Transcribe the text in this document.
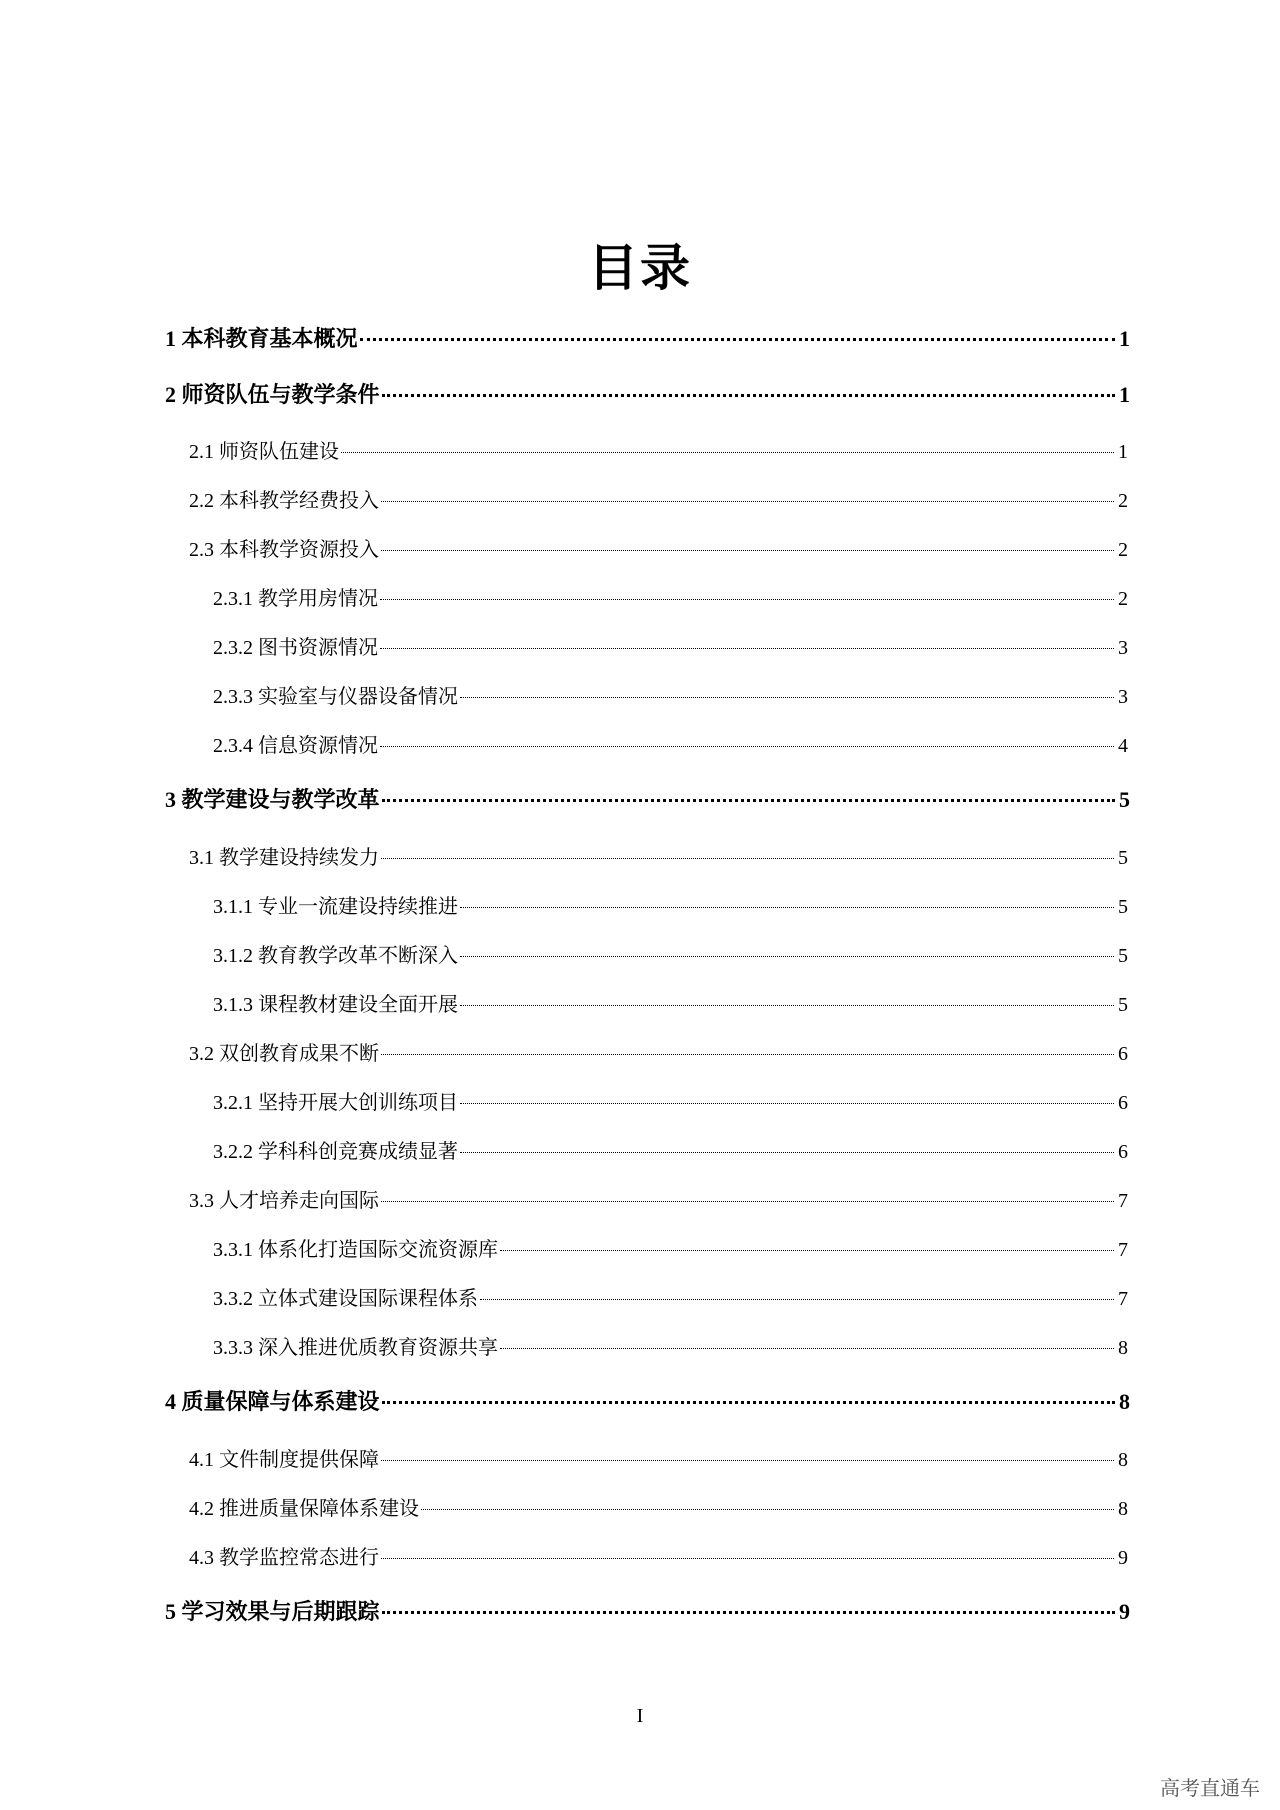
目录
1 本科教育基本概况	1
2 师资队伍与教学条件	1
2.1 师资队伍建设	1
2.2 本科教学经费投入	2
2.3 本科教学资源投入	2
2.3.1 教学用房情况	2
2.3.2 图书资源情况	3
2.3.3 实验室与仪器设备情况	3
2.3.4 信息资源情况	4
3 教学建设与教学改革	5
3.1 教学建设持续发力	5
3.1.1 专业一流建设持续推进	5
3.1.2 教育教学改革不断深入	5
3.1.3 课程教材建设全面开展	5
3.2 双创教育成果不断	6
3.2.1 坚持开展大创训练项目	6
3.2.2 学科科创竞赛成绩显著	6
3.3 人才培养走向国际	7
3.3.1 体系化打造国际交流资源库	7
3.3.2 立体式建设国际课程体系	7
3.3.3 深入推进优质教育资源共享	8
4 质量保障与体系建设	8
4.1 文件制度提供保障	8
4.2 推进质量保障体系建设	8
4.3 教学监控常态进行	9
5 学习效果与后期跟踪	9
I
高考直通车
